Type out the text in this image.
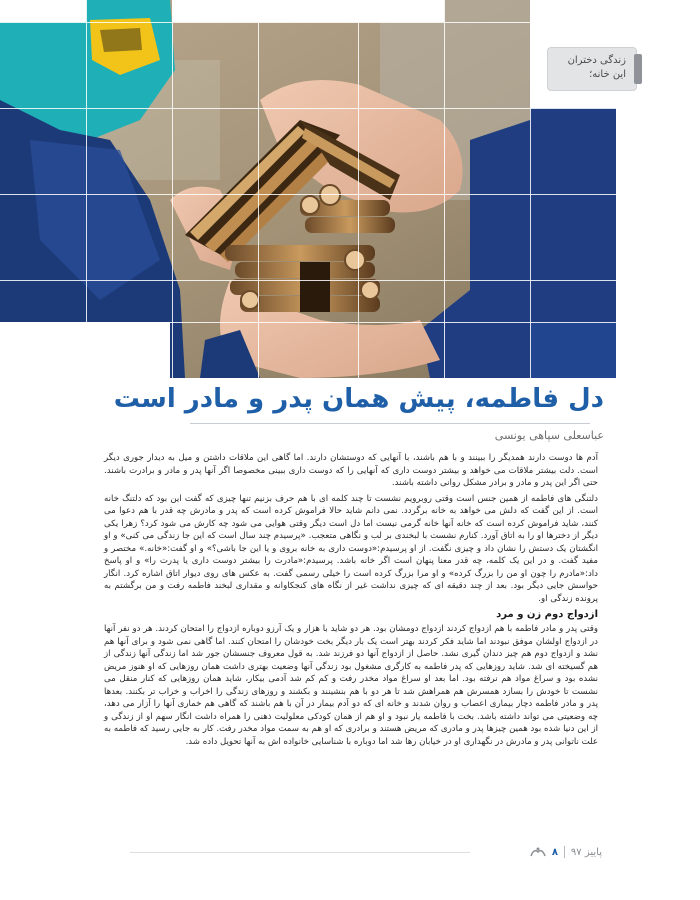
زندگی دختران
این خانه؛
دل فاطمه، پیش همان پدر و مادر است
عباسعلی سپاهی یونسی

آدم ها دوست دارند همدیگر را ببینند و با هم باشند، با آنهایی که دوستشان دارند. اما گاهی این ملاقات داشتن و میل به دیدار جوری دیگر است. دلت بیشتر ملاقات می خواهد و بیشتر دوست داری که آنهایی را که دوست داری ببینی مخصوصا اگر آنها پدر و مادر و برادرت باشند. حتی اگر این پدر و مادر و برادر مشکل روانی داشته باشند.

دلتنگی های فاطمه از همین جنس است وقتی روبرویم نشست تا چند کلمه ای با هم حرف بزنیم تنها چیزی که گفت این بود که دلتنگ خانه است. از این گفت که دلش می خواهد به خانه برگردد. نمی دانم شاید حالا فراموش کرده است که پدر و مادرش چه قدر با هم دعوا می کنند، شاید فراموش کرده است که خانه آنها خانه گرمی نیست اما دل است دیگر وقتی هوایی می شود چه کارش می شود کرد؟ زهرا یکی دیگر از دخترها او را به اتاق آورد. کنارم نشست با لبخندی بر لب و نگاهی متعجب. «پرسیدم چند سال است که این جا زندگی می کنی» و او انگشتان یک دستش را نشان داد و چیزی نگفت. از او پرسیدم:«دوست داری به خانه بروی و یا این جا باشی؟» و او گفت:«خانه.» مختصر و مفید گفت. و در این یک کلمه، چه قدر معنا پنهان است اگر خانه باشد. پرسیدم:«مادرت را بیشتر دوست داری یا پدرت را» و او پاسخ داد:«مادرم را چون او من را بزرگ کرده» و او مرا بزرگ کرده است را خیلی رسمی گفت. به عکس های روی دیوار اتاق اشاره کرد. انگار حواسش جایی دیگر بود. بعد از چند دقیقه ای که چیزی نداشت غیر از نگاه های کنجکاوانه و مقداری لبخند فاطمه رفت و من برگشتم به پرونده زندگی او.

ازدواج دوم زن و مرد

وقتی پدر و مادر فاطمه با هم ازدواج کردند ازدواج دومشان بود. هر دو شاید با هزار و یک آرزو دوباره ازدواج را امتحان کردند. هر دو نفر آنها در ازدواج اولشان موفق نبودند اما شاید فکر کردند بهتر است یک بار دیگر بخت خودشان را امتحان کنند. اما گاهی نمی شود و برای آنها هم نشد و ازدواج دوم هم چیز دندان گیری نشد. حاصل از ازدواج آنها دو فرزند شد. به قول معروف جنسشان جور شد اما زندگی آنها زندگی از هم گسیخته ای شد. شاید روزهایی که پدر فاطمه به کارگری مشغول بود زندگی آنها وضعیت بهتری داشت همان روزهایی که او هنوز مریض نشده بود و سراغ مواد هم نرفته بود. اما بعد او سراغ مواد مخدر رفت و کم کم شد آدمی بیکار، شاید همان روزهایی که کنار منقل می نشست تا خودش را بسازد همسرش هم همراهش شد تا هر دو با هم بنشینند و بکشند و روزهای زندگی را اخراب و خراب تر بکنند. بعدها پدر و مادر فاطمه دچار بیماری اعصاب و روان شدند و خانه ای که دو آدم بیمار در آن با هم باشند که گاهی هم خماری آنها را آزار می دهد، چه وضعیتی می تواند داشته باشد. بخت با فاطمه یار نبود و او هم از همان کودکی معلولیت ذهنی را همراه داشت انگار سهم او از زندگی و از این دنیا شده بود همین چیزها پدر و مادری که مریض هستند و برادری که او هم به سمت مواد مخدر رفت. کار به جایی رسید که فاطمه به علت ناتوانی پدر و مادرش در نگهداری او در خیابان رها شد اما دوباره با شناسایی خانواده اش به آنها تحویل داده شد.

پاییز ۹۷
۸
